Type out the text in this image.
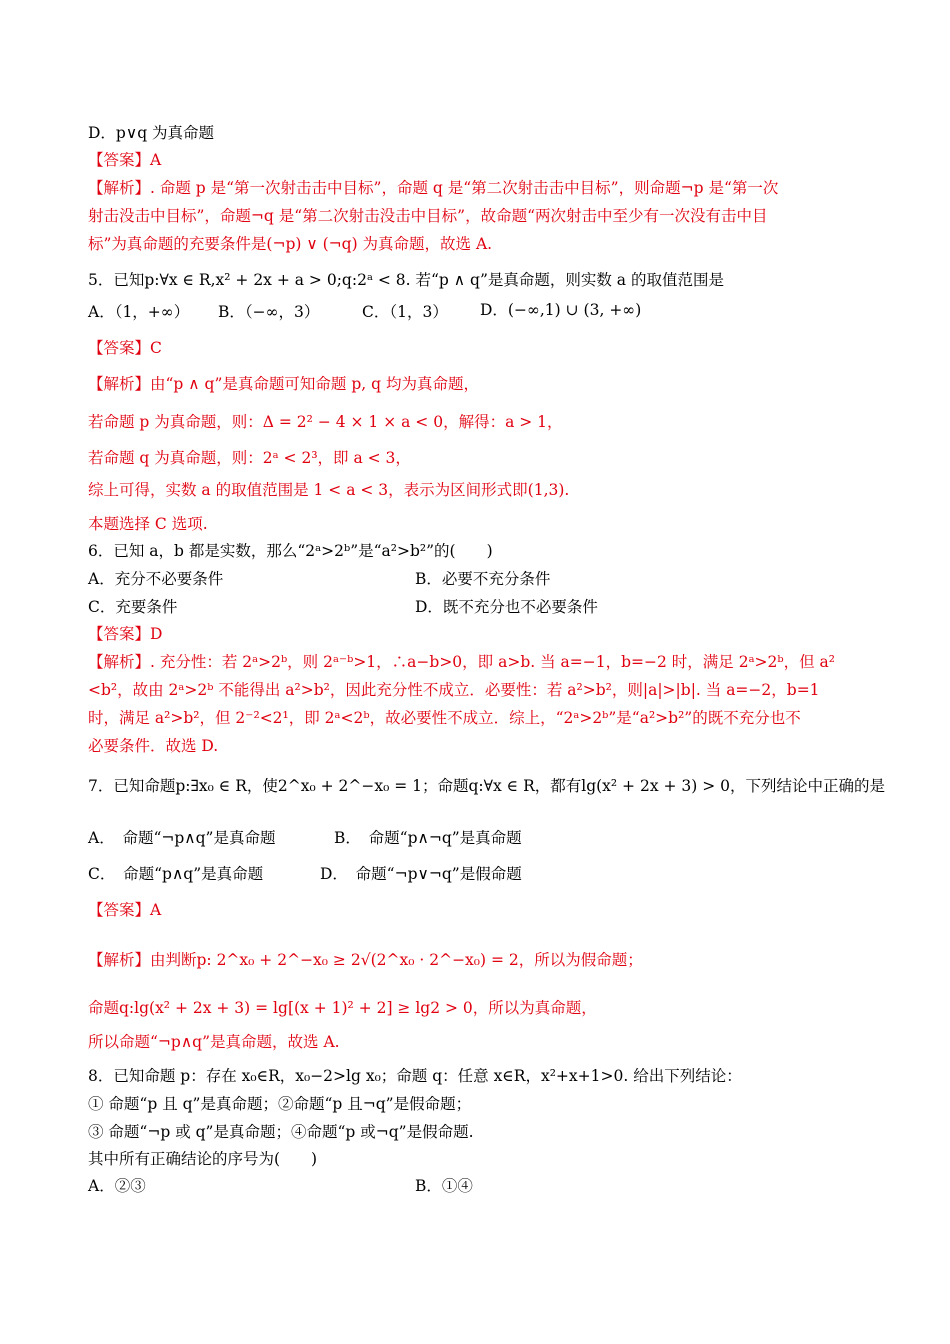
D．p∨q 为真命题
【答案】A
【解析】. 命题 p 是“第一次射击击中目标”，命题 q 是“第二次射击击中目标”，则命题¬p 是“第一次
射击没击中目标”，命题¬q 是“第二次射击没击中目标”，故命题“两次射击中至少有一次没有击中目
标”为真命题的充要条件是(¬p) ∨ (¬q) 为真命题，故选 A.
5．已知p:∀x ∈ R,x² + 2x + a > 0;q:2ᵃ < 8. 若“p ∧ q”是真命题，则实数 a 的取值范围是
A．（1，+∞） B．（−∞，3）	C．（1，3） D．(−∞,1) ∪ (3, +∞)
【答案】C
【解析】由“p ∧ q”是真命题可知命题 p, q 均为真命题，
若命题 p 为真命题，则：Δ = 2² − 4 × 1 × a < 0，解得：a > 1，
若命题 q 为真命题，则：2ᵃ < 2³，即 a < 3，
综上可得，实数 a 的取值范围是 1 < a < 3，表示为区间形式即(1,3).
本题选择 C 选项.
6．已知 a，b 都是实数，那么“2ᵃ>2ᵇ”是“a²>b²”的(　　)
A．充分不必要条件	B．必要不充分条件
C．充要条件	D．既不充分也不必要条件
【答案】D
【解析】. 充分性：若 2ᵃ>2ᵇ，则 2ᵃ⁻ᵇ>1，∴a−b>0，即 a>b. 当 a=−1，b=−2 时，满足 2ᵃ>2ᵇ，但 a²
<b²，故由 2ᵃ>2ᵇ 不能得出 a²>b²，因此充分性不成立．必要性：若 a²>b²，则|a|>|b|. 当 a=−2，b=1
时，满足 a²>b²，但 2⁻²<2¹，即 2ᵃ<2ᵇ，故必要性不成立．综上，“2ᵃ>2ᵇ”是“a²>b²”的既不充分也不
必要条件．故选 D.
7．已知命题p:∃x₀ ∈ R，使2^x₀ + 2^−x₀ = 1；命题q:∀x ∈ R，都有lg(x² + 2x + 3) > 0，下列结论中正确的是
A．　命题“¬p∧q”是真命题	B．　命题“p∧¬q”是真命题
C．　命题“p∧q”是真命题	D．　命题“¬p∨¬q”是假命题
【答案】A
【解析】由判断p: 2^x₀ + 2^−x₀ ≥ 2√(2^x₀ · 2^−x₀) = 2，所以为假命题；
命题q:lg(x² + 2x + 3) = lg[(x + 1)² + 2] ≥ lg2 > 0，所以为真命题，
所以命题“¬p∧q”是真命题，故选 A.
8．已知命题 p：存在 x₀∈R，x₀−2>lg x₀；命题 q：任意 x∈R，x²+x+1>0. 给出下列结论：
① 命题“p 且 q”是真命题；②命题“p 且¬q”是假命题；
③ 命题“¬p 或 q”是真命题；④命题“p 或¬q”是假命题.
其中所有正确结论的序号为(　　)
A．②③	B．①④
